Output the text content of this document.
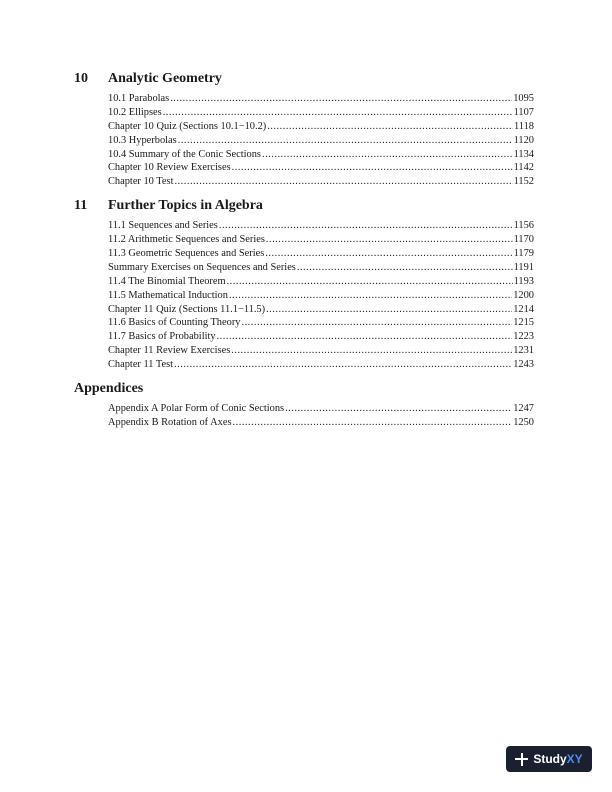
10	Analytic Geometry
10.1 Parabolas .....	1095
10.2 Ellipses .....	1107
Chapter 10 Quiz (Sections 10.1−10.2) .....	1118
10.3 Hyperbolas .....	1120
10.4 Summary of the Conic Sections .....	1134
Chapter 10 Review Exercises .....	1142
Chapter 10 Test .....	1152
11	Further Topics in Algebra
11.1 Sequences and Series .....	1156
11.2 Arithmetic Sequences and Series .....	1170
11.3 Geometric Sequences and Series .....	1179
Summary Exercises on Sequences and Series .....	1191
11.4 The Binomial Theorem .....	1193
11.5 Mathematical Induction .....	1200
Chapter 11 Quiz (Sections 11.1−11.5) .....	1214
11.6 Basics of Counting Theory .....	1215
11.7 Basics of Probability .....	1223
Chapter 11 Review Exercises .....	1231
Chapter 11 Test .....	1243
Appendices
Appendix A Polar Form of Conic Sections .....	1247
Appendix B Rotation of Axes .....	1250
Study XY
